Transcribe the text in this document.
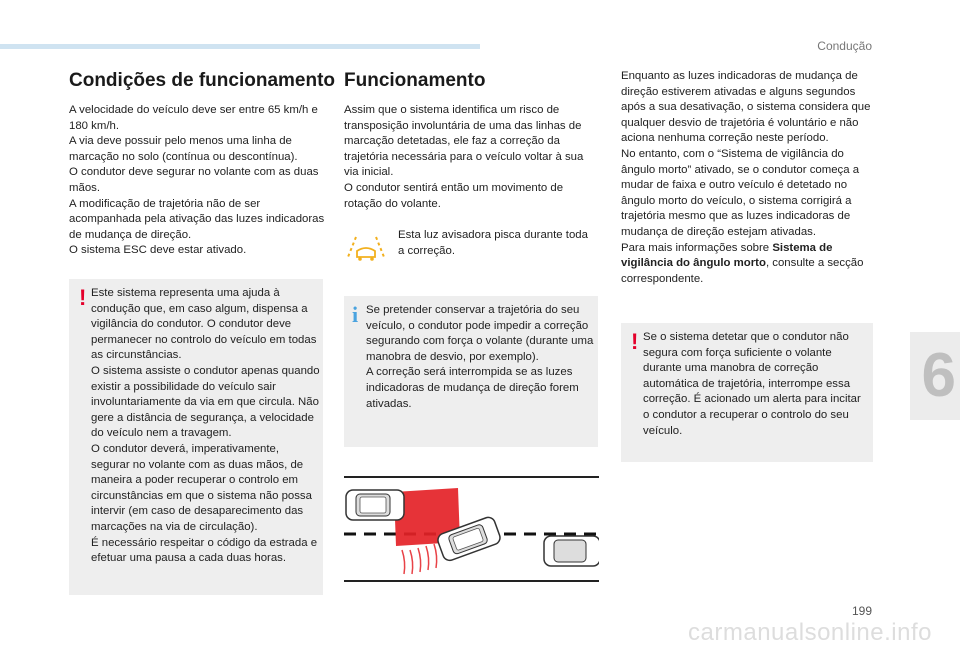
Condução
6
199
carmanualsonline.info
Condições de funcionamento

A velocidade do veículo deve ser entre 65 km/h e 180 km/h.
A via deve possuir pelo menos uma linha de marcação no solo (contínua ou descontínua).
O condutor deve segurar no volante com as duas mãos.
A modificação de trajetória não de ser acompanhada pela ativação das luzes indicadoras de mudança de direção.
O sistema ESC deve estar ativado.

! Este sistema representa uma ajuda à condução que, em caso algum, dispensa a vigilância do condutor. O condutor deve permanecer no controlo do veículo em todas as circunstâncias.
O sistema assiste o condutor apenas quando existir a possibilidade do veículo sair involuntariamente da via em que circula. Não gere a distância de segurança, a velocidade do veículo nem a travagem.
O condutor deverá, imperativamente, segurar no volante com as duas mãos, de maneira a poder recuperar o controlo em circunstâncias em que o sistema não possa intervir (em caso de desaparecimento das marcações na via de circulação).
É necessário respeitar o código da estrada e efetuar uma pausa a cada duas horas.

Funcionamento

Assim que o sistema identifica um risco de transposição involuntária de uma das linhas de marcação detetadas, ele faz a correção da trajetória necessária para o veículo voltar à sua via inicial.
O condutor sentirá então um movimento de rotação do volante.

Esta luz avisadora pisca durante toda a correção.

i Se pretender conservar a trajetória do seu veículo, o condutor pode impedir a correção segurando com força o volante (durante uma manobra de desvio, por exemplo).
A correção será interrompida se as luzes indicadoras de mudança de direção forem ativadas.

Enquanto as luzes indicadoras de mudança de direção estiverem ativadas e alguns segundos após a sua desativação, o sistema considera que qualquer desvio de trajetória é voluntário e não aciona nenhuma correção neste período.
No entanto, com o “Sistema de vigilância do ângulo morto” ativado, se o condutor começa a mudar de faixa e outro veículo é detetado no ângulo morto do veículo, o sistema corrigirá a trajetória mesmo que as luzes indicadoras de mudança de direção estejam ativadas.
Para mais informações sobre Sistema de vigilância do ângulo morto, consulte a secção correspondente.

! Se o sistema detetar que o condutor não segura com força suficiente o volante durante uma manobra de correção automática de trajetória, interrompe essa correção. É acionado um alerta para incitar o condutor a recuperar o controlo do seu veículo.
